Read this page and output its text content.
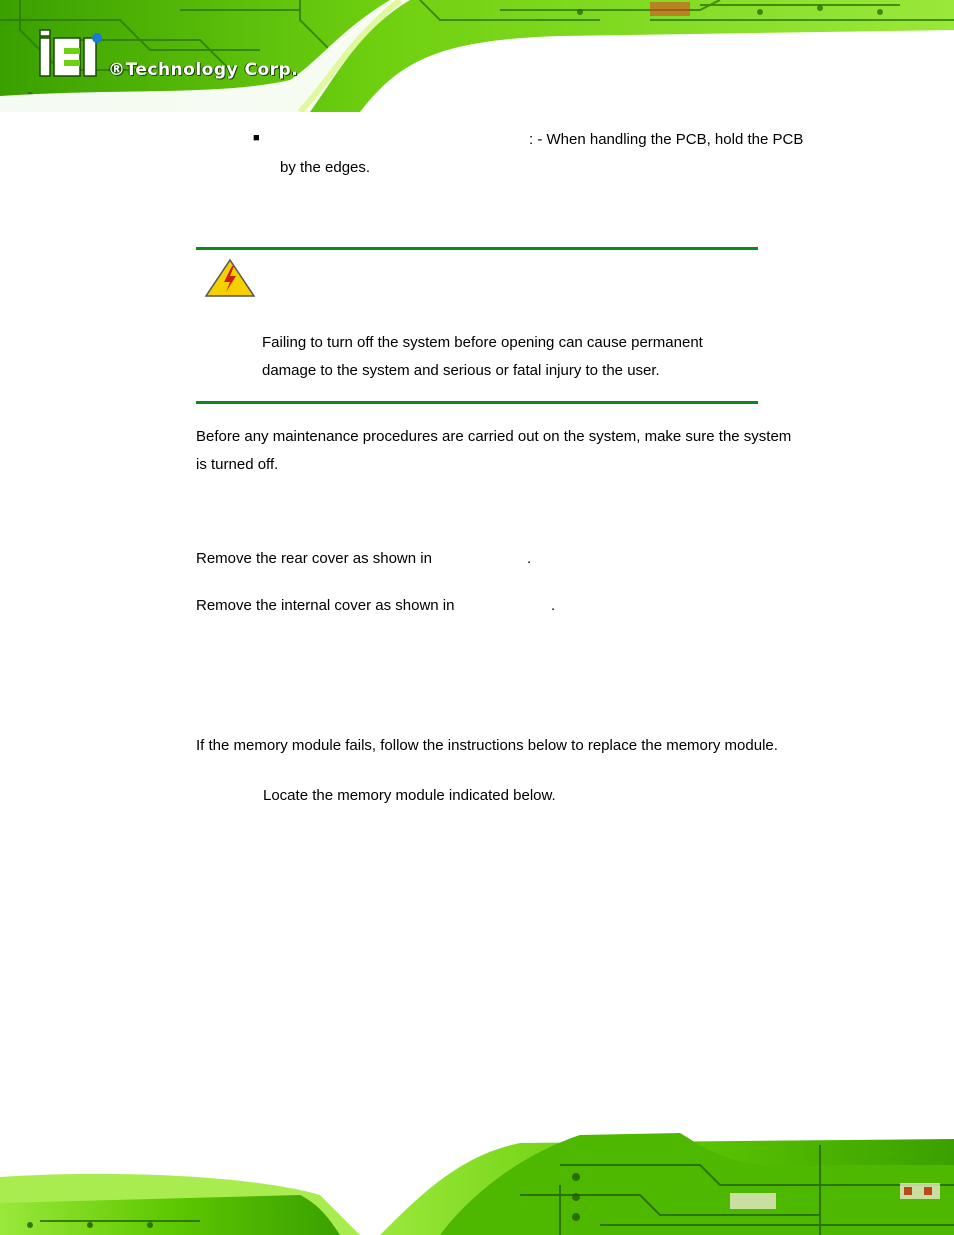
®Technology Corp.
■	: - When handling the PCB, hold the PCB
by the edges.
Failing to turn off the system before opening can cause permanent
damage to the system and serious or fatal injury to the user.
Before any maintenance procedures are carried out on the system, make sure the system
is turned off.
Remove the rear cover as shown in	.
Remove the internal cover as shown in	.
If the memory module fails, follow the instructions below to replace the memory module.
Locate the memory module indicated below.
